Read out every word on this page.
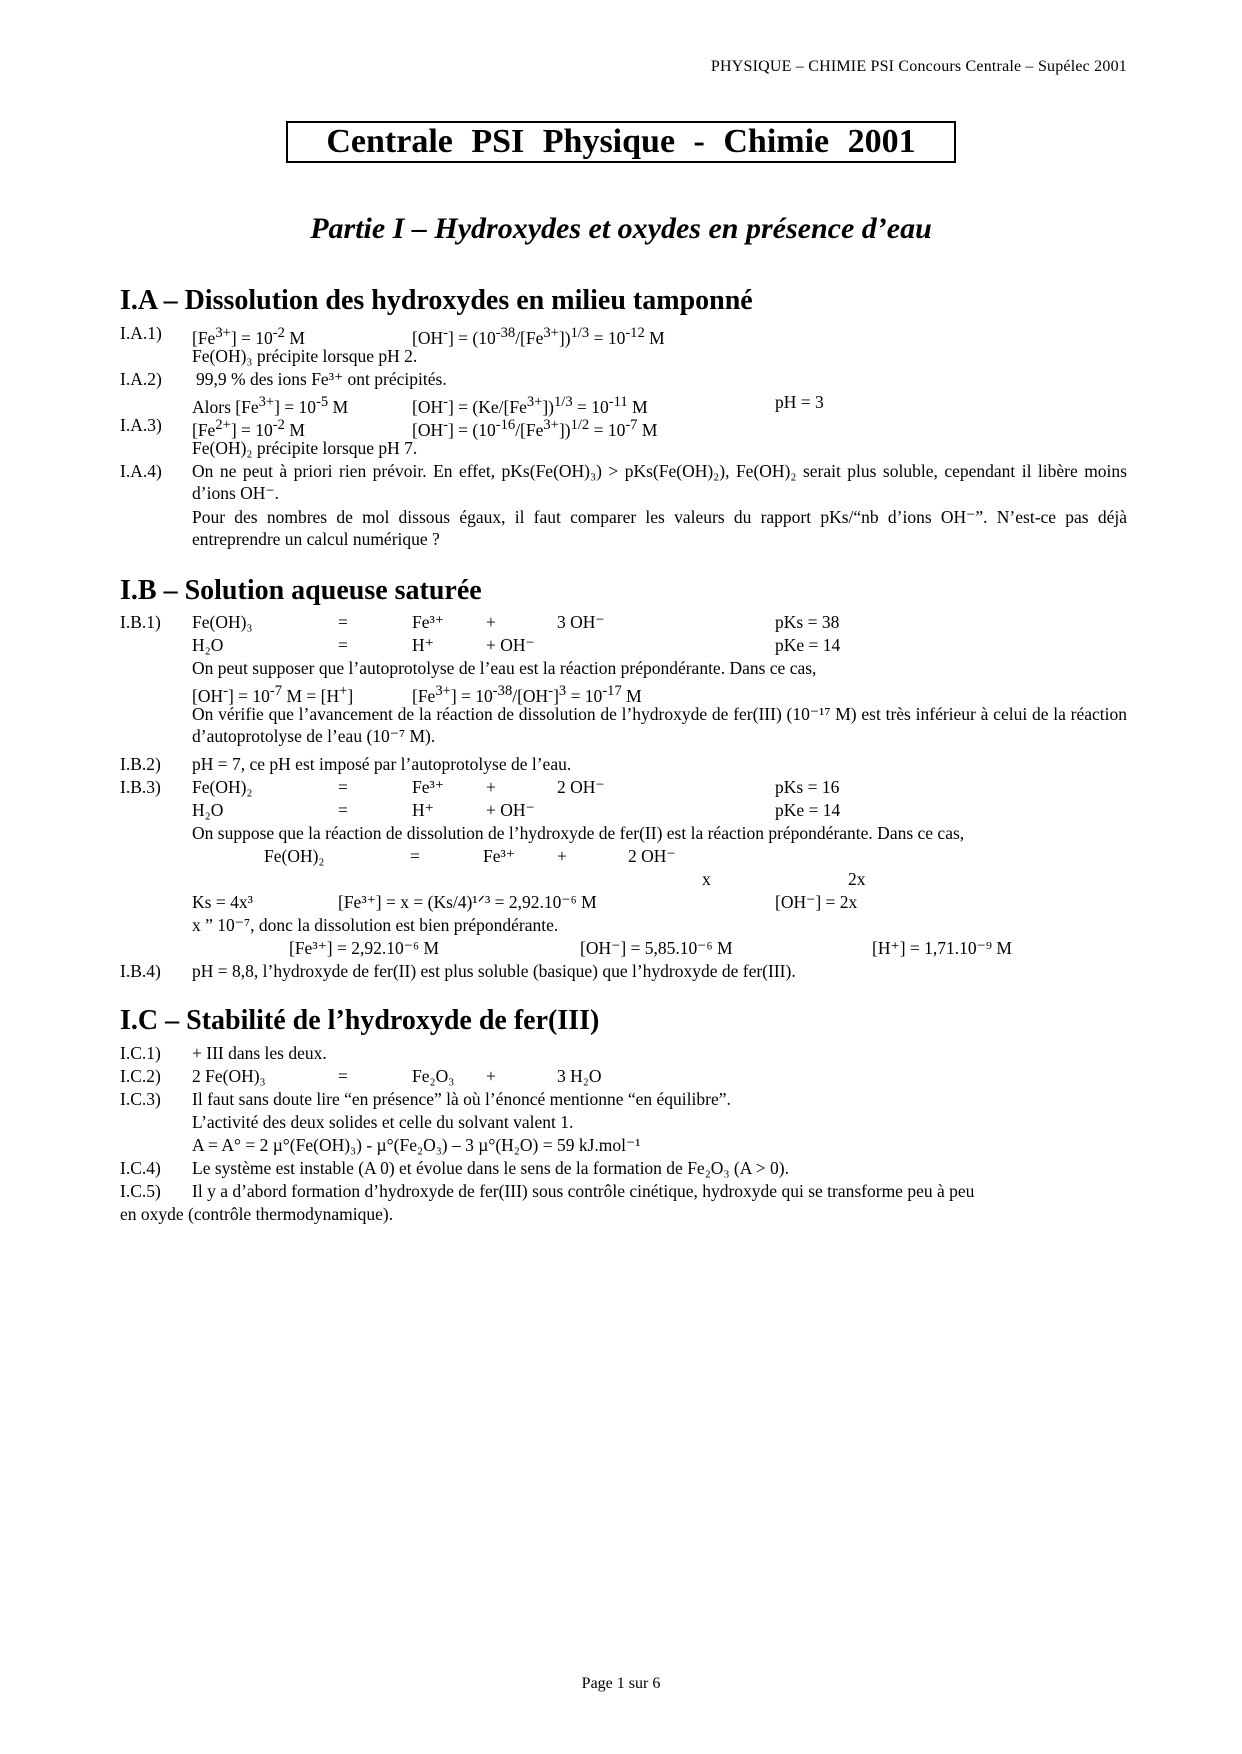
PHYSIQUE – CHIMIE PSI Concours Centrale – Supélec 2001
Centrale PSI Physique - Chimie 2001
Partie I – Hydroxydes et oxydes en présence d’eau
I.A – Dissolution des hydroxydes en milieu tamponné
I.A.1) $[Fe^{3+}] = 10^{-2}$ M	$[OH^-] = (10^{-38}/[Fe^{3+}])^{1/3} = 10^{-12}$ M
Fe(OH)₃ précipite lorsque pH 2.
I.A.2) 99,9 % des ions Fe³⁺ ont précipités.
Alors $[Fe^{3+}] = 10^{-5}$ M	$[OH^-] = (Ke/[Fe^{3+}])^{1/3} = 10^{-11}$ M	pH = 3
I.A.3) $[Fe^{2+}] = 10^{-2}$ M	$[OH^-] = (10^{-16}/[Fe^{3+}])^{1/2} = 10^{-7}$ M
Fe(OH)₂ précipite lorsque pH 7.
I.A.4) On ne peut à priori rien prévoir. En effet, pKs(Fe(OH)₃) > pKs(Fe(OH)₂), Fe(OH)₂ serait plus soluble, cependant il libère moins d’ions OH⁻.
Pour des nombres de mol dissous égaux, il faut comparer les valeurs du rapport pKs/“nb d’ions OH⁻”. N’est-ce pas déjà entreprendre un calcul numérique ?
I.B – Solution aqueuse saturée
I.B.1) Fe(OH)₃	=	Fe³⁺ +	3 OH⁻	pKs = 38
H₂O	=	H⁺	+ OH⁻	pKe = 14
On peut supposer que l’autoprotolyse de l’eau est la réaction prépondérante. Dans ce cas,
$[OH^-] = 10^{-7}$ M = [H+]	$[Fe^{3+}] = 10^{-38}/[OH^-]^3 = 10^{-17}$ M
On vérifie que l’avancement de la réaction de dissolution de l’hydroxyde de fer(III) (10⁻¹⁷ M) est très inférieur à celui de la réaction d’autoprotolyse de l’eau (10⁻⁷ M).
I.B.2) pH = 7, ce pH est imposé par l’autoprotolyse de l’eau.
I.B.3) Fe(OH)₂	=	Fe³⁺ +	2 OH⁻	pKs = 16
H₂O	=	H⁺	+ OH⁻	pKe = 14
On suppose que la réaction de dissolution de l’hydroxyde de fer(II) est la réaction prépondérante. Dans ce cas,
Fe(OH)₂	=	Fe³⁺ +	2 OH⁻
x	2x
Ks = 4x³	[Fe³⁺] = x = (Ks/4)¹ᐟ³ = 2,92.10⁻⁶ M	[OH⁻] = 2x
x ” 10⁻⁷, donc la dissolution est bien prépondérante.
[Fe³⁺] = 2,92.10⁻⁶ M	[OH⁻] = 5,85.10⁻⁶ M	[H⁺] = 1,71.10⁻⁹ M
I.B.4) pH = 8,8, l’hydroxyde de fer(II) est plus soluble (basique) que l’hydroxyde de fer(III).
I.C – Stabilité de l’hydroxyde de fer(III)
I.C.1) + III dans les deux.
I.C.2) 2 Fe(OH)₃	=	Fe₂O₃ +	3 H₂O
I.C.3) Il faut sans doute lire “en présence” là où l’énoncé mentionne “en équilibre”.
L’activité des deux solides et celle du solvant valent 1.
A = A° = 2 µ°(Fe(OH)₃) - µ°(Fe₂O₃) – 3 µ°(H₂O) = 59 kJ.mol⁻¹
I.C.4) Le système est instable (A 0) et évolue dans le sens de la formation de Fe₂O₃ (A > 0).
I.C.5) Il y a d’abord formation d’hydroxyde de fer(III) sous contrôle cinétique, hydroxyde qui se transforme peu à peu
en oxyde (contrôle thermodynamique).
Page 1 sur 6
